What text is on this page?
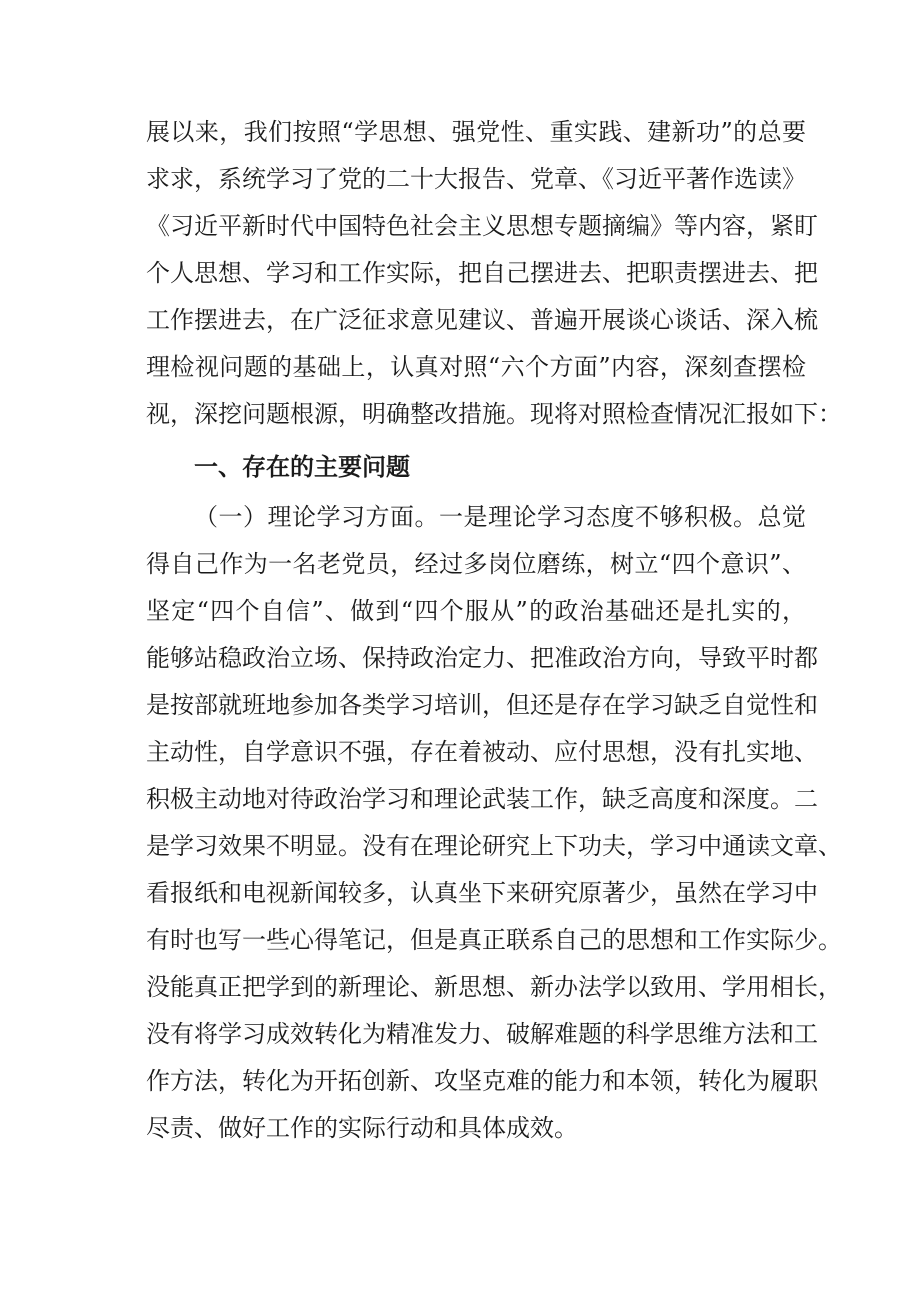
展以来，我们按照“学思想、强党性、重实践、建新功”的总要
求求，系统学习了党的二十大报告、党章、《习近平著作选读》
《习近平新时代中国特色社会主义思想专题摘编》等内容，紧盯
个人思想、学习和工作实际，把自己摆进去、把职责摆进去、把
工作摆进去，在广泛征求意见建议、普遍开展谈心谈话、深入梳
理检视问题的基础上，认真对照“六个方面”内容，深刻查摆检
视，深挖问题根源，明确整改措施。现将对照检查情况汇报如下：
一、存在的主要问题
（一）理论学习方面。一是理论学习态度不够积极。总觉
得自己作为一名老党员，经过多岗位磨练，树立“四个意识”、
坚定“四个自信”、做到“四个服从”的政治基础还是扎实的，
能够站稳政治立场、保持政治定力、把准政治方向，导致平时都
是按部就班地参加各类学习培训，但还是存在学习缺乏自觉性和
主动性，自学意识不强，存在着被动、应付思想，没有扎实地、
积极主动地对待政治学习和理论武装工作，缺乏高度和深度。二
是学习效果不明显。没有在理论研究上下功夫，学习中通读文章、
看报纸和电视新闻较多，认真坐下来研究原著少，虽然在学习中
有时也写一些心得笔记，但是真正联系自己的思想和工作实际少。
没能真正把学到的新理论、新思想、新办法学以致用、学用相长，
没有将学习成效转化为精准发力、破解难题的科学思维方法和工
作方法，转化为开拓创新、攻坚克难的能力和本领，转化为履职
尽责、做好工作的实际行动和具体成效。
